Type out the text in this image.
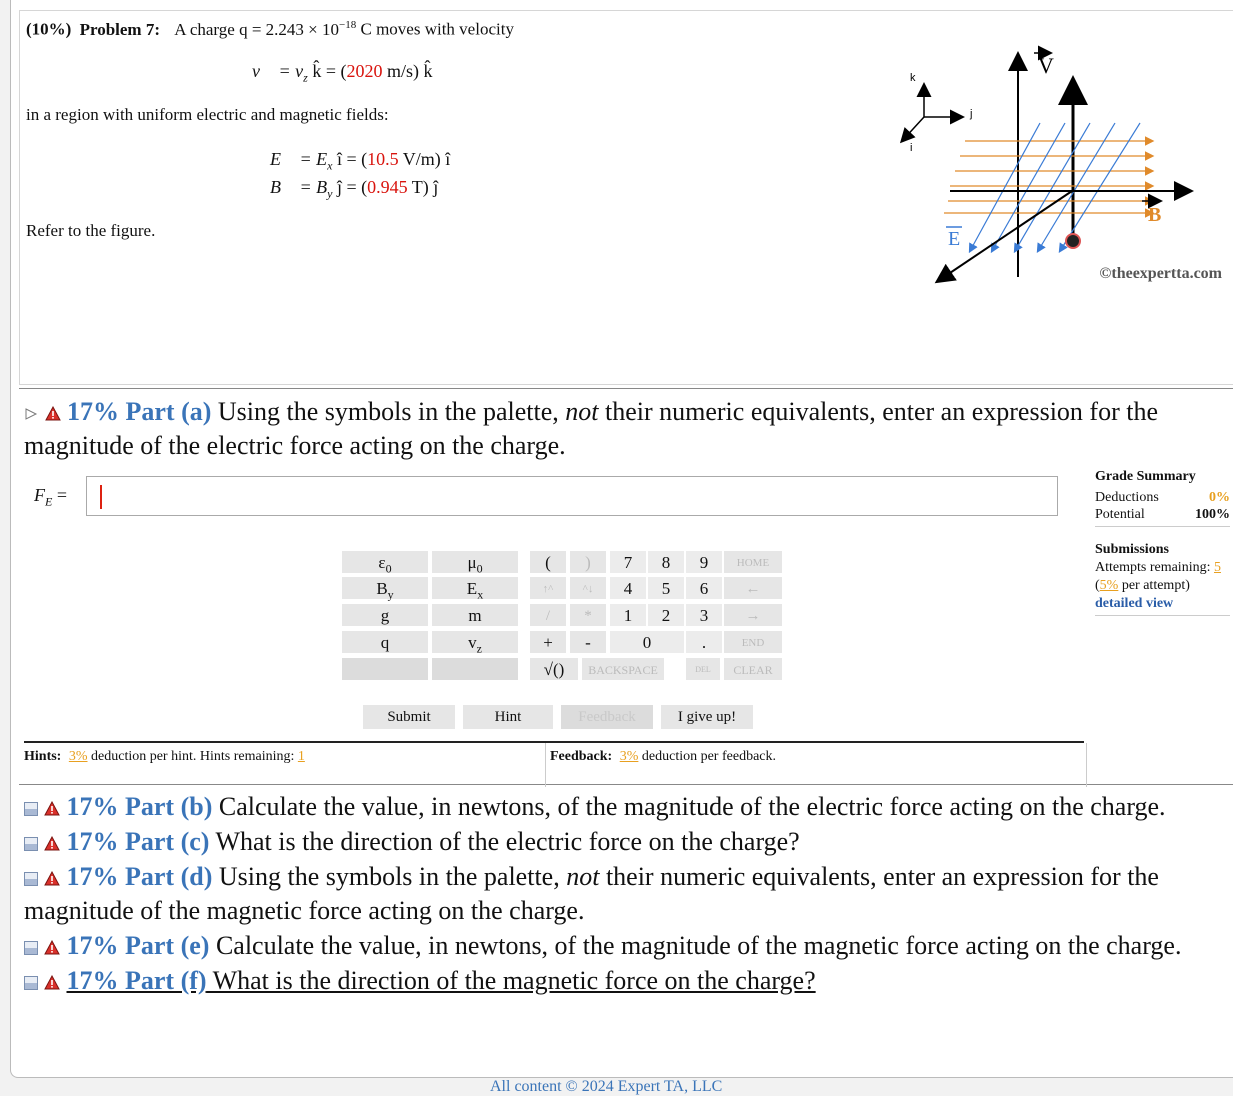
(10%) Problem 7: A charge $q = 2.243 \times 10^{-18}$ C moves with velocity
v⃗ = $v_z$ k̂ = (2020 m/s) k̂
in a region with uniform electric and magnetic fields:
E⃗ = $E_x$ î = (10.5 V/m) î
B⃗ = $B_y$ ĵ = (0.945 T) ĵ
Refer to the figure.
k
j
i
V
B
E
©theexpertta.com
17% Part (a) Using the symbols in the palette, not their numeric equivalents, enter an expression for the magnitude of the electric force acting on the charge.
$F_E$ =
Grade Summary
Deductions	0%
Potential	100%
Submissions
Attempts remaining: 5
(5% per attempt)
detailed view
$\varepsilon_0$	$\mu_0$
$B_y$	$E_x$
g	m
q	$v_z$
(	)	7	8	9	HOME
↑^	^↓	4	5	6	←
/	*	1	2	3	→
+	-	0	.	END
√()	BACKSPACE	DEL	CLEAR
Submit	Hint	Feedback	I give up!
Hints: 3% deduction per hint. Hints remaining: 1	Feedback: 3% deduction per feedback.
17% Part (b) Calculate the value, in newtons, of the magnitude of the electric force acting on the charge.
17% Part (c) What is the direction of the electric force on the charge?
17% Part (d) Using the symbols in the palette, not their numeric equivalents, enter an expression for the magnitude of the magnetic force acting on the charge.
17% Part (e) Calculate the value, in newtons, of the magnitude of the magnetic force acting on the charge.
17% Part (f) What is the direction of the magnetic force on the charge?
All content © 2024 Expert TA, LLC
